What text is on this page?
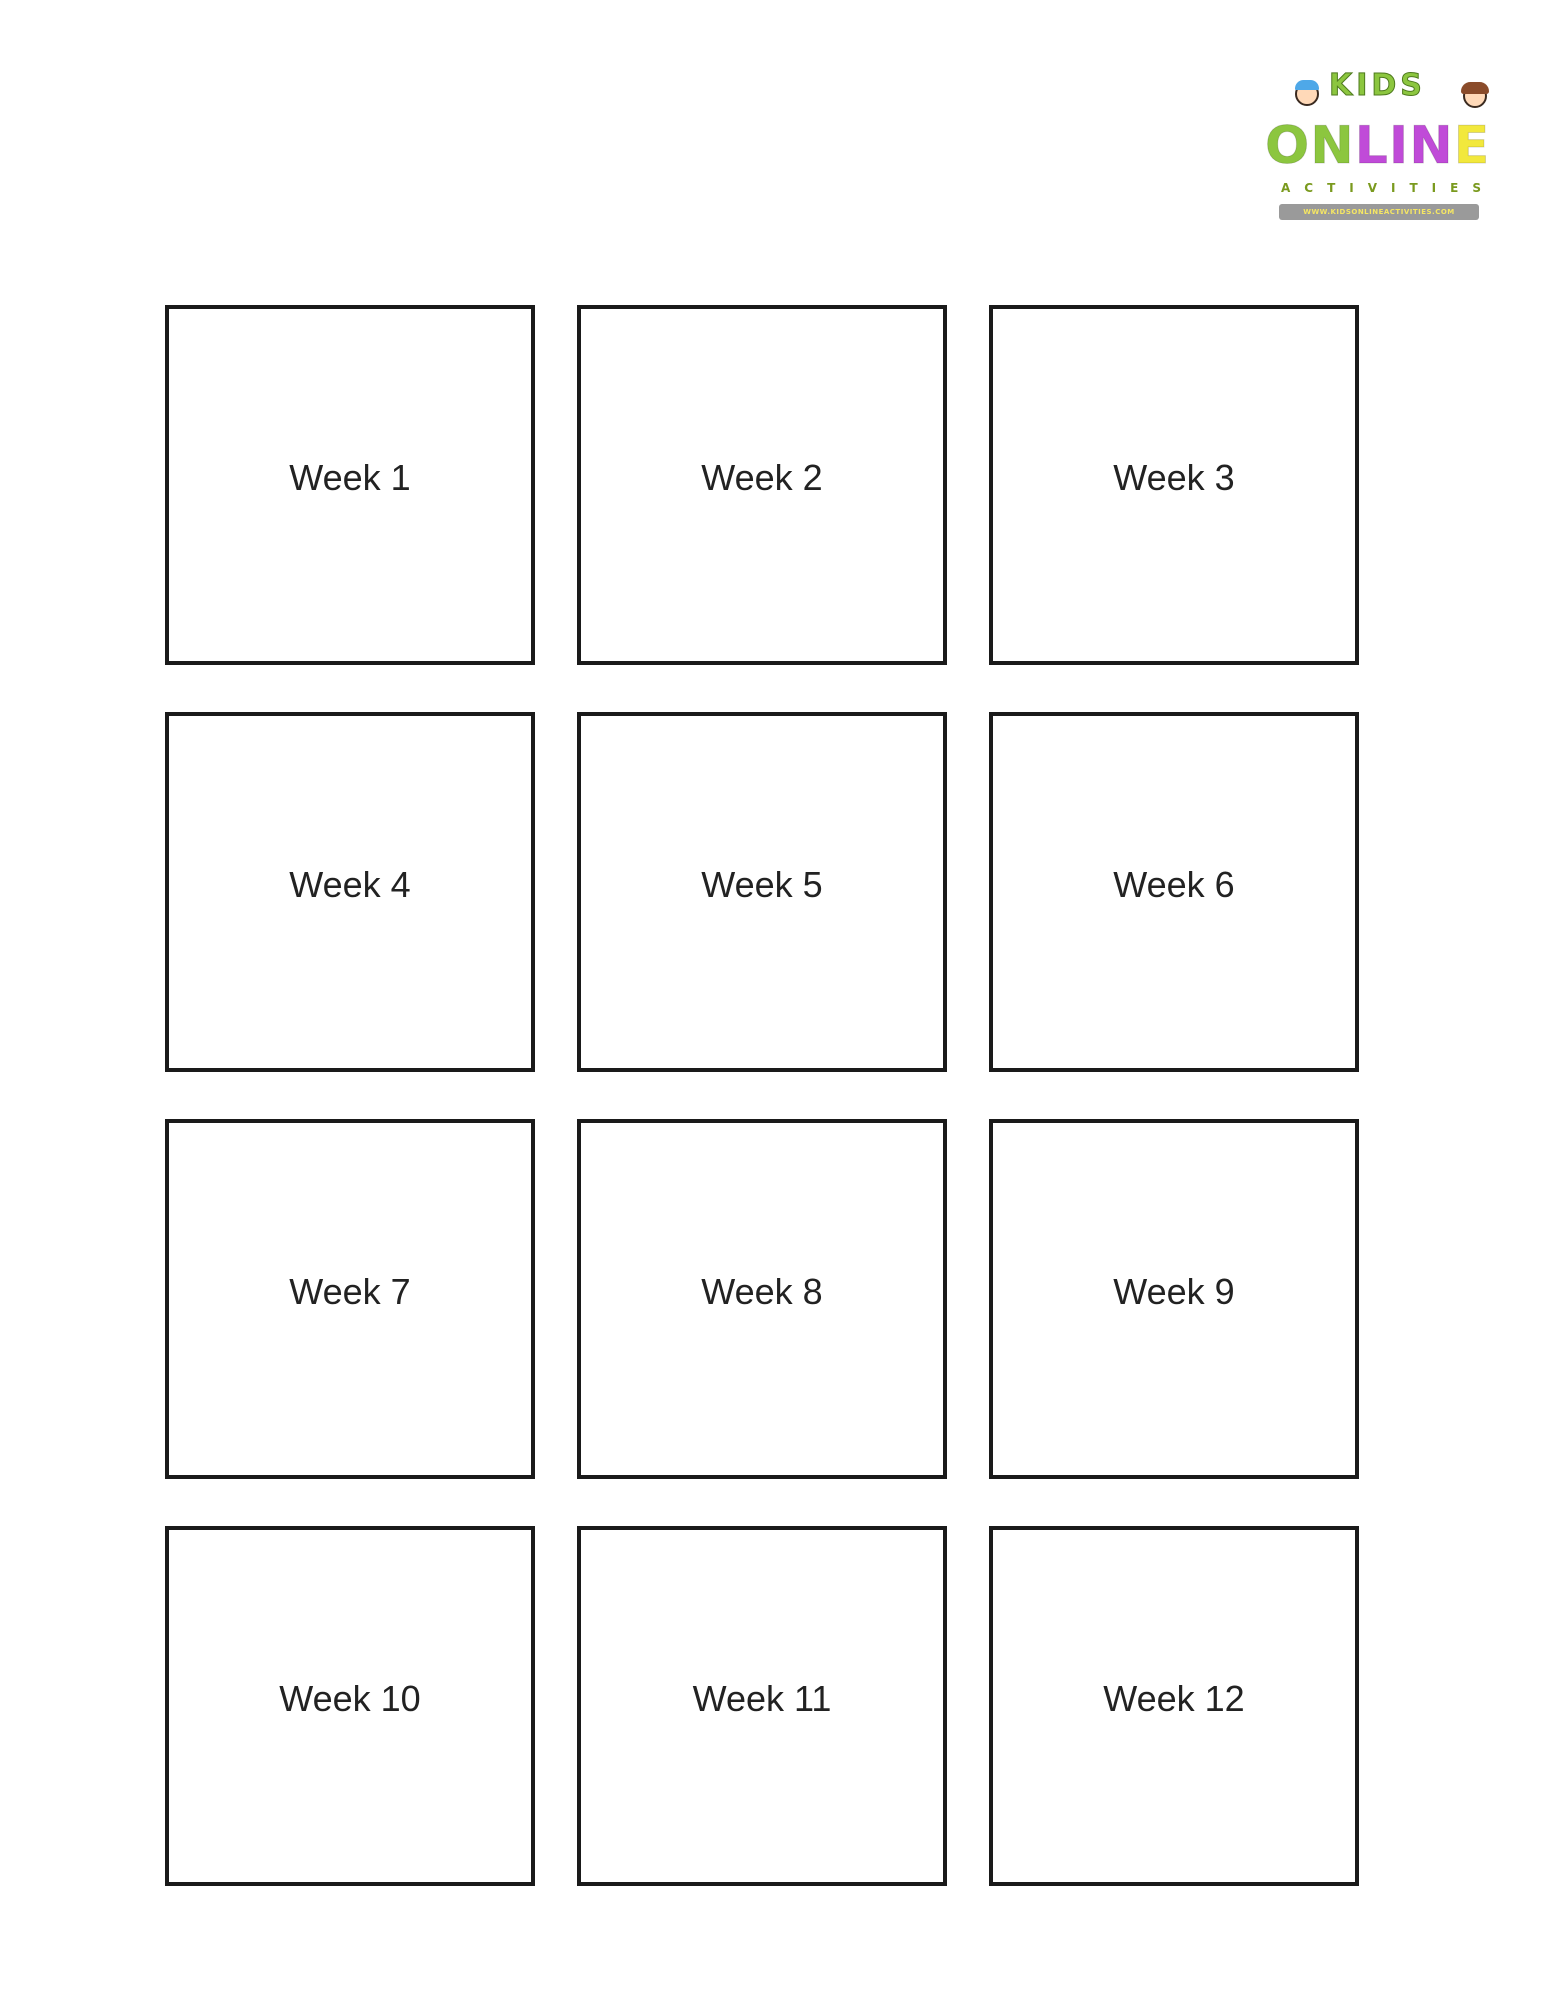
KIDS
ONLINE
ACTIVITIES
WWW.KIDSONLINEACTIVITIES.COM
Week 1	Week 2	Week 3
Week 4	Week 5	Week 6
Week 7	Week 8	Week 9
Week 10	Week 11	Week 12
